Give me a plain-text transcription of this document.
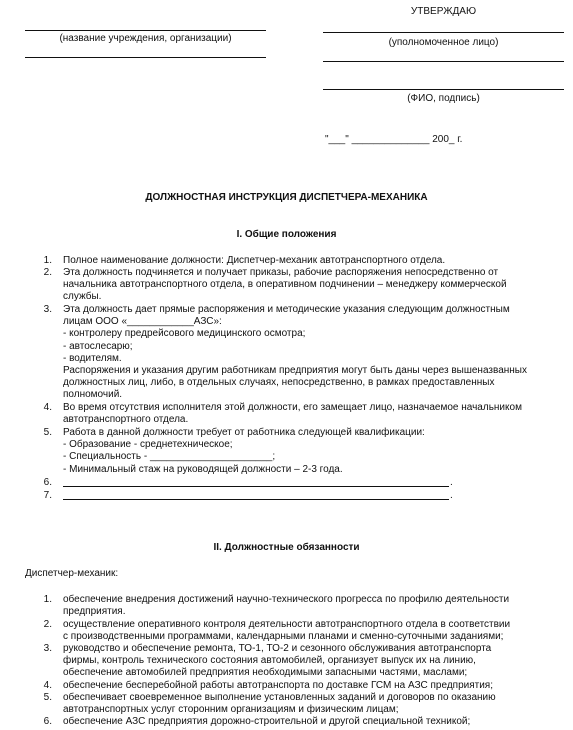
(название учреждения, организации)
УТВЕРЖДАЮ
(уполномоченное лицо)
(ФИО, подпись)
"___" ______________ 200_ г.
ДОЛЖНОСТНАЯ ИНСТРУКЦИЯ ДИСПЕТЧЕРА-МЕХАНИКА
I. Общие положения
1. Полное наименование должности: Диспетчер-механик автотранспортного отдела.
2. Эта должность подчиняется и получает приказы, рабочие распоряжения непосредственно от
начальника автотранспортного отдела, в оперативном подчинении – менеджеру коммерческой
службы.
3. Эта должность дает прямые распоряжения и методические указания следующим должностным
лицам ООО «____________АЗС»:
- контролеру предрейсового медицинского осмотра;
- автослесарю;
- водителям.
Распоряжения и указания другим работникам предприятия могут быть даны через вышеназванных
должностных лиц, либо, в отдельных случаях, непосредственно, в рамках предоставленных
полномочий.
4. Во время отсутствия исполнителя этой должности, его замещает лицо, назначаемое начальником
автотранспортного отдела.
5. Работа в данной должности требует от работника следующей квалификации:
- Образование - среднетехническое;
- Специальность - ______________________;
- Минимальный стаж на руководящей должности – 2-3 года.
6.	.
7.	.
II. Должностные обязанности
Диспетчер-механик:
1. обеспечение внедрения достижений научно-технического прогресса по профилю деятельности
предприятия.
2. осуществление оперативного контроля деятельности автотранспортного отдела в соответствии
с производственными программами, календарными планами и сменно-суточными заданиями;
3. руководство и обеспечение ремонта, ТО-1, ТО-2 и сезонного обслуживания автотранспорта
фирмы, контроль технического состояния автомобилей, организует выпуск их на линию,
обеспечение автомобилей предприятия необходимыми запасными частями, маслами;
4. обеспечение бесперебойной работы автотранспорта по доставке ГСМ на АЗС предприятия;
5. обеспечивает своевременное выполнение установленных заданий и договоров по оказанию
автотранспортных услуг сторонним организациям и физическим лицам;
6. обеспечение АЗС предприятия дорожно-строительной и другой специальной техникой;
